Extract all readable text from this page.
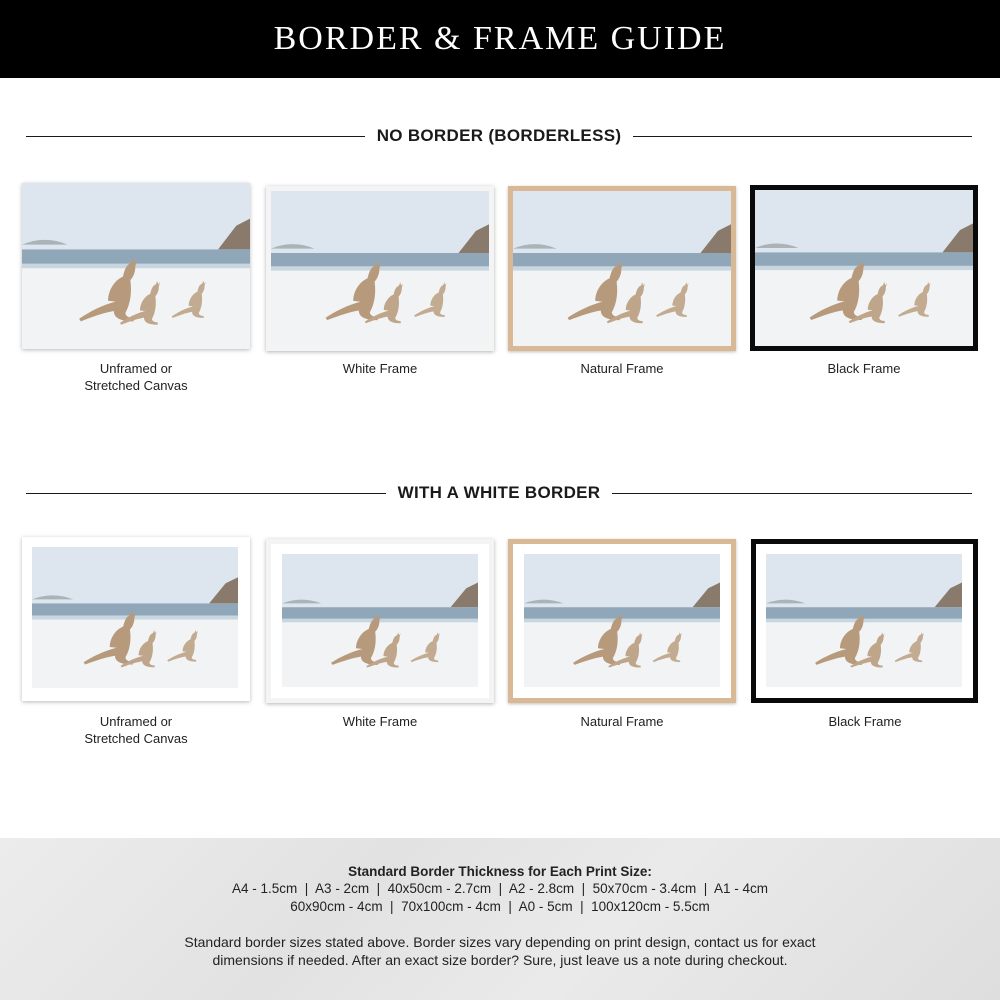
BORDER & FRAME GUIDE
NO BORDER (BORDERLESS)
Unframed or
Stretched Canvas
White Frame	Natural Frame	Black Frame
WITH A WHITE BORDER
Unframed or
Stretched Canvas
White Frame	Natural Frame	Black Frame
Standard Border Thickness for Each Print Size:
A4 - 1.5cm  |  A3 - 2cm  |  40x50cm - 2.7cm  |  A2 - 2.8cm  |  50x70cm - 3.4cm  |  A1 - 4cm
60x90cm - 4cm  |  70x100cm - 4cm  |  A0 - 5cm  |  100x120cm - 5.5cm
Standard border sizes stated above. Border sizes vary depending on print design, contact us for exact
dimensions if needed. After an exact size border? Sure, just leave us a note during checkout.
